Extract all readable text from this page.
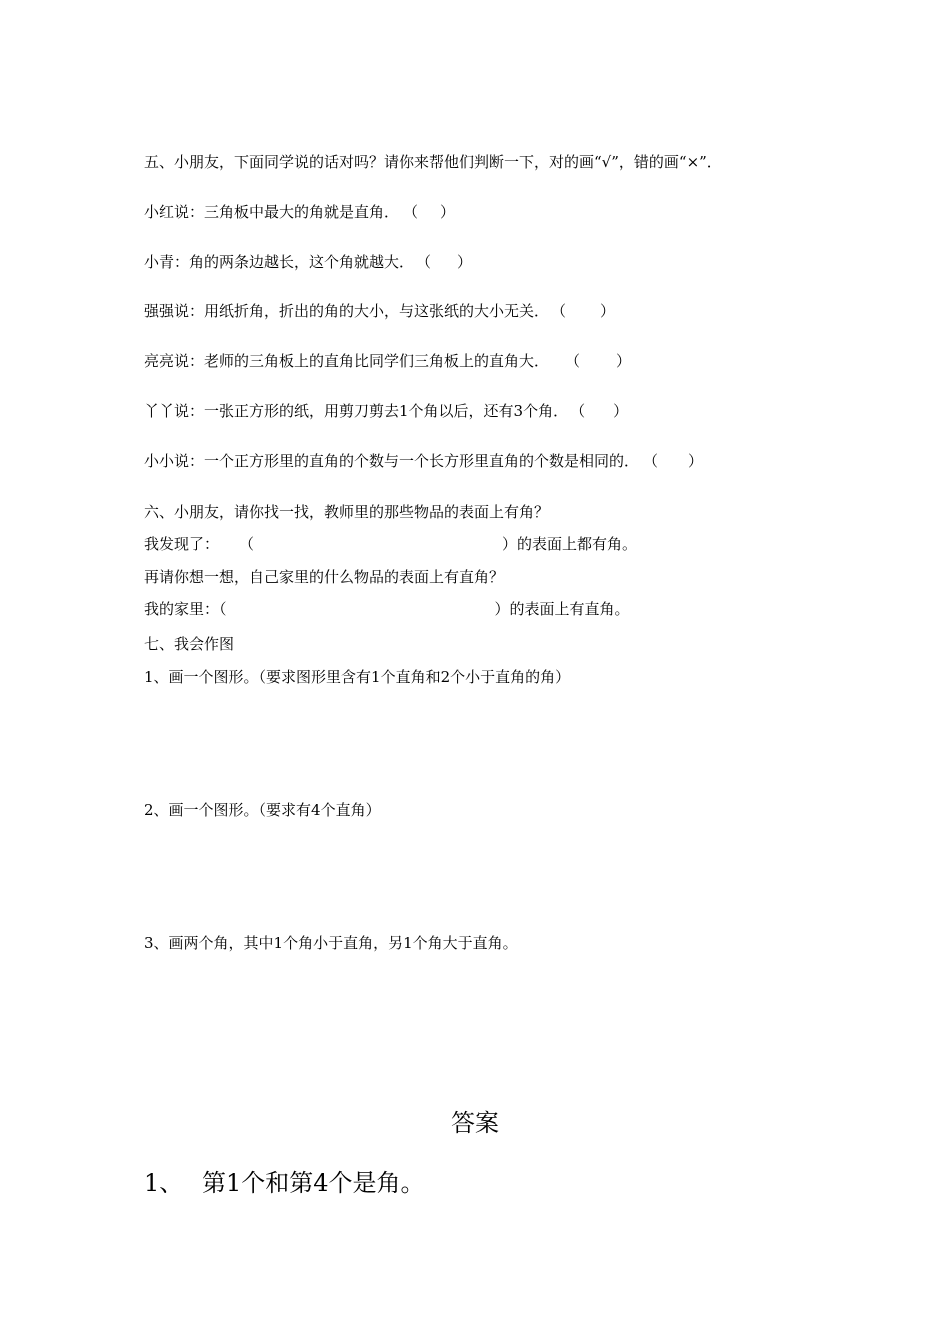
五、小朋友，下面同学说的话对吗？请你来帮他们判断一下，对的画“√”，错的画“×”．
小红说：三角板中最大的角就是直角． （ ）
小青：角的两条边越长，这个角就越大． （ ）
强强说：用纸折角，折出的角的大小，与这张纸的大小无关． （ ）
亮亮说：老师的三角板上的直角比同学们三角板上的直角大． （ ）
丫丫说：一张正方形的纸，用剪刀剪去1个角以后，还有3个角． （ ）
小小说：一个正方形里的直角的个数与一个长方形里直角的个数是相同的． （ ）
六、小朋友，请你找一找，教师里的那些物品的表面上有角？
我发现了： （	）的表面上都有角。
再请你想一想，自己家里的什么物品的表面上有直角？
我的家里：（	）的表面上有直角。
七、我会作图
1、画一个图形。（要求图形里含有1个直角和2个小于直角的角）
2、画一个图形。（要求有4个直角）
3、画两个角，其中1个角小于直角，另1个角大于直角。
答案
1、 第1个和第4个是角。
